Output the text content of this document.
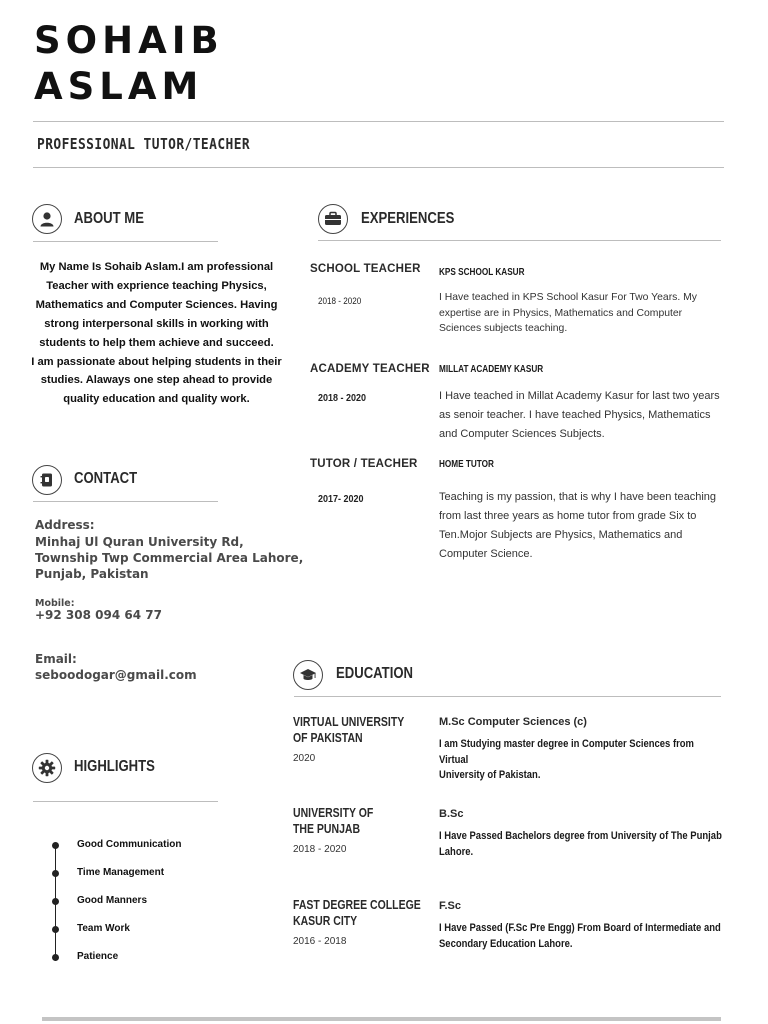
SOHAIB
ASLAM
PROFESSIONAL TUTOR/TEACHER
ABOUT ME
My Name Is Sohaib Aslam.I am professional
Teacher with exprience teaching Physics,
Mathematics and Computer Sciences. Having
strong interpersonal skills in working with
students to help them achieve and succeed.
I am passionate about helping students in their
studies. Alaways one step ahead to provide
quality education and quality work.
CONTACT
Address:
Minhaj Ul Quran University Rd,
Township Twp Commercial Area Lahore,
Punjab, Pakistan
Mobile:
+92 308 094 64 77
Email:
seboodogar@gmail.com
HIGHLIGHTS
Good Communication
Time Management
Good Manners
Team Work
Patience
EXPERIENCES
SCHOOL TEACHER KPS SCHOOL KASUR
2018 - 2020	I Have teached in KPS School Kasur For Two Years. My
expertise are in Physics, Mathematics and Computer
Sciences subjects teaching.
ACADEMY TEACHER MILLAT ACADEMY KASUR
2018 - 2020	I Have teached in Millat Academy Kasur for last two years
as senoir teacher. I have teached Physics, Mathematics
and Computer Sciences Subjects.
TUTOR / TEACHER HOME TUTOR
2017- 2020	Teaching is my passion, that is why I have been teaching
from last three years as home tutor from grade Six to
Ten.Mojor Subjects are Physics, Mathematics and
Computer Science.
EDUCATION
VIRTUAL UNIVERSITY
OF PAKISTAN
2020
M.Sc Computer Sciences (c)
I am Studying master degree in Computer Sciences from Virtual
University of Pakistan.
UNIVERSITY OF
THE PUNJAB
2018 - 2020
B.Sc
I Have Passed Bachelors degree from University of The Punjab
Lahore.
FAST DEGREE COLLEGE
KASUR CITY
2016 - 2018
F.Sc
I Have Passed (F.Sc Pre Engg) From Board of Intermediate and
Secondary Education Lahore.
